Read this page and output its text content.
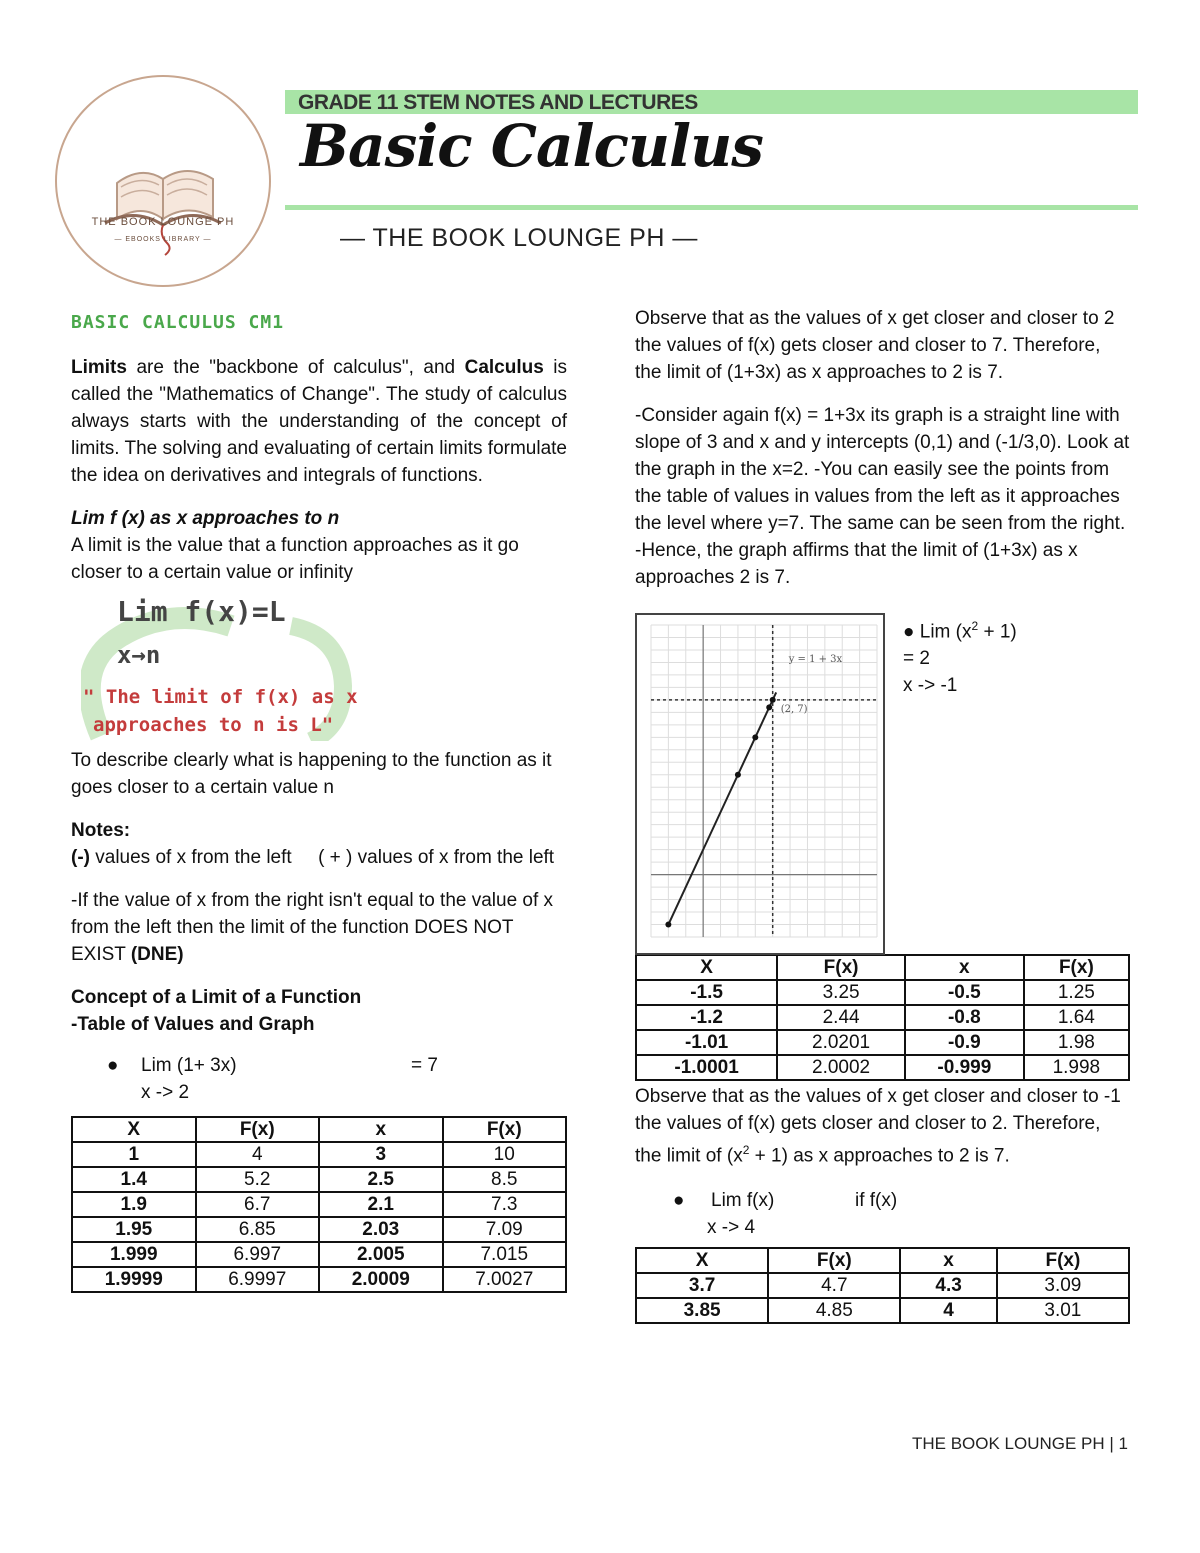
THE BOOK LOUNGE PH
— EBOOKS LIBRARY —
GRADE 11 STEM NOTES AND LECTURES
Basic Calculus
— THE BOOK LOUNGE PH —

BASIC CALCULUS CM1

Limits are the "backbone of calculus", and Calculus is called the "Mathematics of Change". The study of calculus always starts with the understanding of the concept of limits. The solving and evaluating of certain limits formulate the idea on derivatives and integrals of functions.

Lim f (x) as x approaches to n

A limit is the value that a function approaches as it go closer to a certain value or infinity

Lim f(x)=L
x→n
" The limit of f(x) as x
approaches to n is L"

To describe clearly what is happening to the function as it goes closer to a certain value n

Notes:

(-) values of x from the left     ( + ) values of x from the left

-If the value of x from the right isn't equal to the value of x from the left then the limit of the function DOES NOT EXIST (DNE)

Concept of a Limit of a Function

-Table of Values and Graph

● Lim (1+ 3x)	= 7
x -> 2
X	F(x)	x	F(x)
1	4	3	10
1.4	5.2	2.5	8.5
1.9	6.7	2.1	7.3
1.95	6.85	2.03	7.09
1.999	6.997	2.005	7.015
1.9999	6.9997	2.0009	7.0027

Observe that as the values of x get closer and closer to 2 the values of f(x) gets closer and closer to 7. Therefore, the limit of (1+3x) as x approaches to 2 is 7.

-Consider again f(x) = 1+3x its graph is a straight line with slope of 3 and x and y intercepts (0,1) and (-1/3,0). Look at the graph in the x=2. -You can easily see the points from the table of values in values from the left as it approaches the level where y=7. The same can be seen from the right. -Hence, the graph affirms that the limit of (1+3x) as x approaches 2 is 7.

y = 1 + 3x
(2, 7)
● Lim $(x^2 + 1)$
= 2
x -> -1
X	F(x)	x	F(x)
-1.5	3.25	-0.5	1.25
-1.2	2.44	-0.8	1.64
-1.01	2.0201	-0.9	1.98
-1.0001	2.0002	-0.999	1.998

Observe that as the values of x get closer and closer to -1 the values of f(x) gets closer and closer to 2. Therefore, the limit of $(x^2 + 1)$ as x approaches to 2 is 7.

● Lim f(x)	if f(x)
x -> 4
X	F(x)	x	F(x)
3.7	4.7	4.3	3.09
3.85	4.85	4	3.01
THE BOOK LOUNGE PH | 1
